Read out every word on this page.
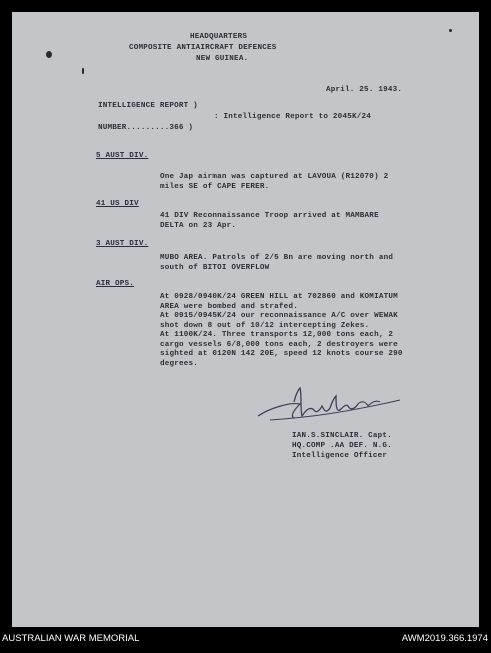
HEADQUARTERS
COMPOSITE ANTIAIRCRAFT DEFENCES
NEW GUINEA.
April. 25. 1943.
INTELLIGENCE REPORT )
: Intelligence Report to 2045K/24
NUMBER.........366 )
5 AUST DIV.
One Jap airman was captured at LAVOUA (R12070) 2
miles SE of CAPE FERER.
41 US DIV
41 DIV Reconnaissance Troop arrived at MAMBARE
DELTA on 23 Apr.
3 AUST DIV.
MUBO AREA. Patrols of 2/5 Bn are moving north and
south of BITOI OVERFLOW
AIR OPS.
At 0928/0940K/24 GREEN HILL at 702860 and KOMIATUM
AREA were bombed and strafed.
At 0915/0945K/24 our reconnaissance A/C over WEWAK
shot down 8 out of 10/12 intercepting Zekes.
At 1100K/24. Three transports 12,000 tons each, 2
cargo vessels 6/8,000 tons each, 2 destroyers were
sighted at 0120N 142 20E, speed 12 knots course 290
degrees.
IAN.S.SINCLAIR. Capt.
HQ.COMP .AA DEF. N.G.
Intelligence Officer
AUSTRALIAN WAR MEMORIAL	AWM2019.366.1974
